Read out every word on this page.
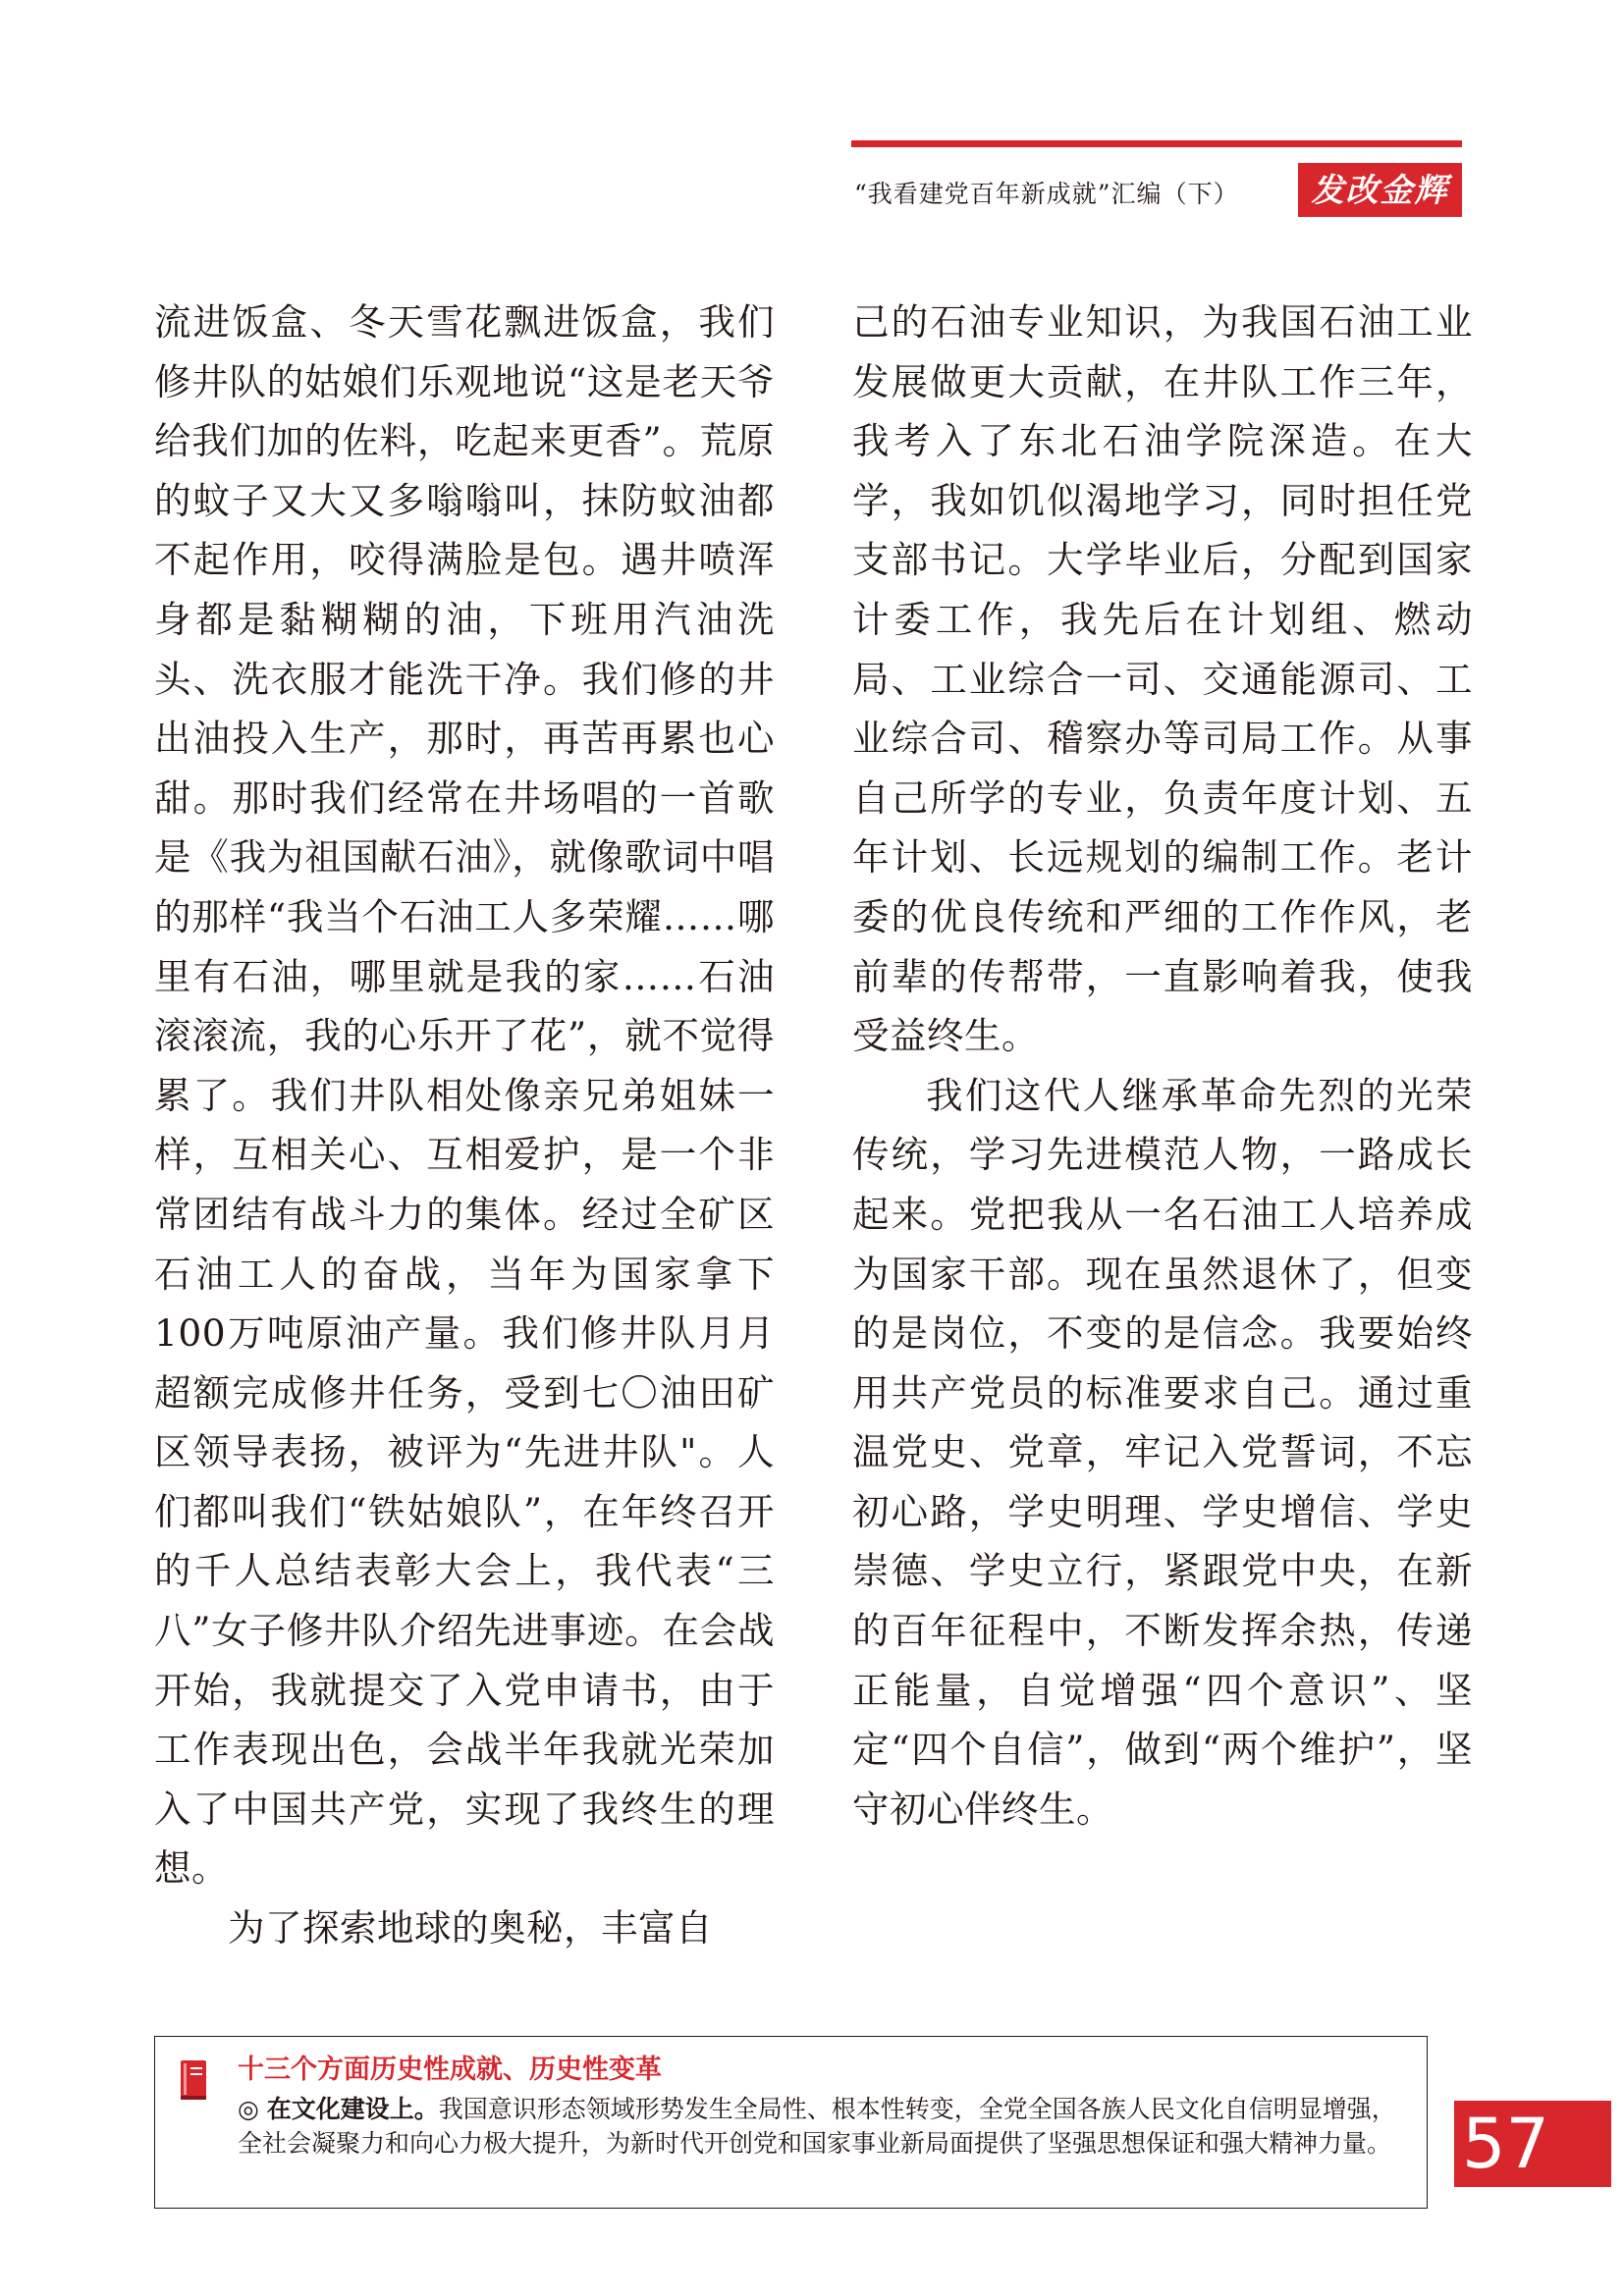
“我看建党百年新成就”汇编（下）	发改金辉

流进饭盒、冬天雪花飘进饭盒，我们修井队的姑娘们乐观地说“这是老天爷给我们加的佐料，吃起来更香”。荒原的蚊子又大又多嗡嗡叫，抹防蚊油都不起作用，咬得满脸是包。遇井喷浑身都是黏糊糊的油，下班用汽油洗头、洗衣服才能洗干净。我们修的井出油投入生产，那时，再苦再累也心甜。那时我们经常在井场唱的一首歌是《我为祖国献石油》，就像歌词中唱的那样“我当个石油工人多荣耀……哪里有石油，哪里就是我的家……石油滚滚流，我的心乐开了花”，就不觉得累了。我们井队相处像亲兄弟姐妹一样，互相关心、互相爱护，是一个非常团结有战斗力的集体。经过全矿区石油工人的奋战，当年为国家拿下100万吨原油产量。我们修井队月月超额完成修井任务，受到七〇油田矿区领导表扬，被评为“先进井队"。人们都叫我们“铁姑娘队”，在年终召开的千人总结表彰大会上，我代表“三八”女子修井队介绍先进事迹。在会战开始，我就提交了入党申请书，由于工作表现出色，会战半年我就光荣加入了中国共产党，实现了我终生的理想。

为了探索地球的奥秘，丰富自

己的石油专业知识，为我国石油工业发展做更大贡献，在井队工作三年，我考入了东北石油学院深造。在大学，我如饥似渴地学习，同时担任党支部书记。大学毕业后，分配到国家计委工作，我先后在计划组、燃动局、工业综合一司、交通能源司、工业综合司、稽察办等司局工作。从事自己所学的专业，负责年度计划、五年计划、长远规划的编制工作。老计委的优良传统和严细的工作作风，老前辈的传帮带，一直影响着我，使我受益终生。

我们这代人继承革命先烈的光荣传统，学习先进模范人物，一路成长起来。党把我从一名石油工人培养成为国家干部。现在虽然退休了，但变的是岗位，不变的是信念。我要始终用共产党员的标准要求自己。通过重温党史、党章，牢记入党誓词，不忘初心路，学史明理、学史增信、学史崇德、学史立行，紧跟党中央，在新的百年征程中，不断发挥余热，传递正能量，自觉增强“四个意识”、坚定“四个自信”，做到“两个维护”，坚守初心伴终生。

十三个方面历史性成就、历史性变革
◎ 在文化建设上。我国意识形态领域形势发生全局性、根本性转变，全党全国各族人民文化自信明显增强，全社会凝聚力和向心力极大提升，为新时代开创党和国家事业新局面提供了坚强思想保证和强大精神力量。 57
